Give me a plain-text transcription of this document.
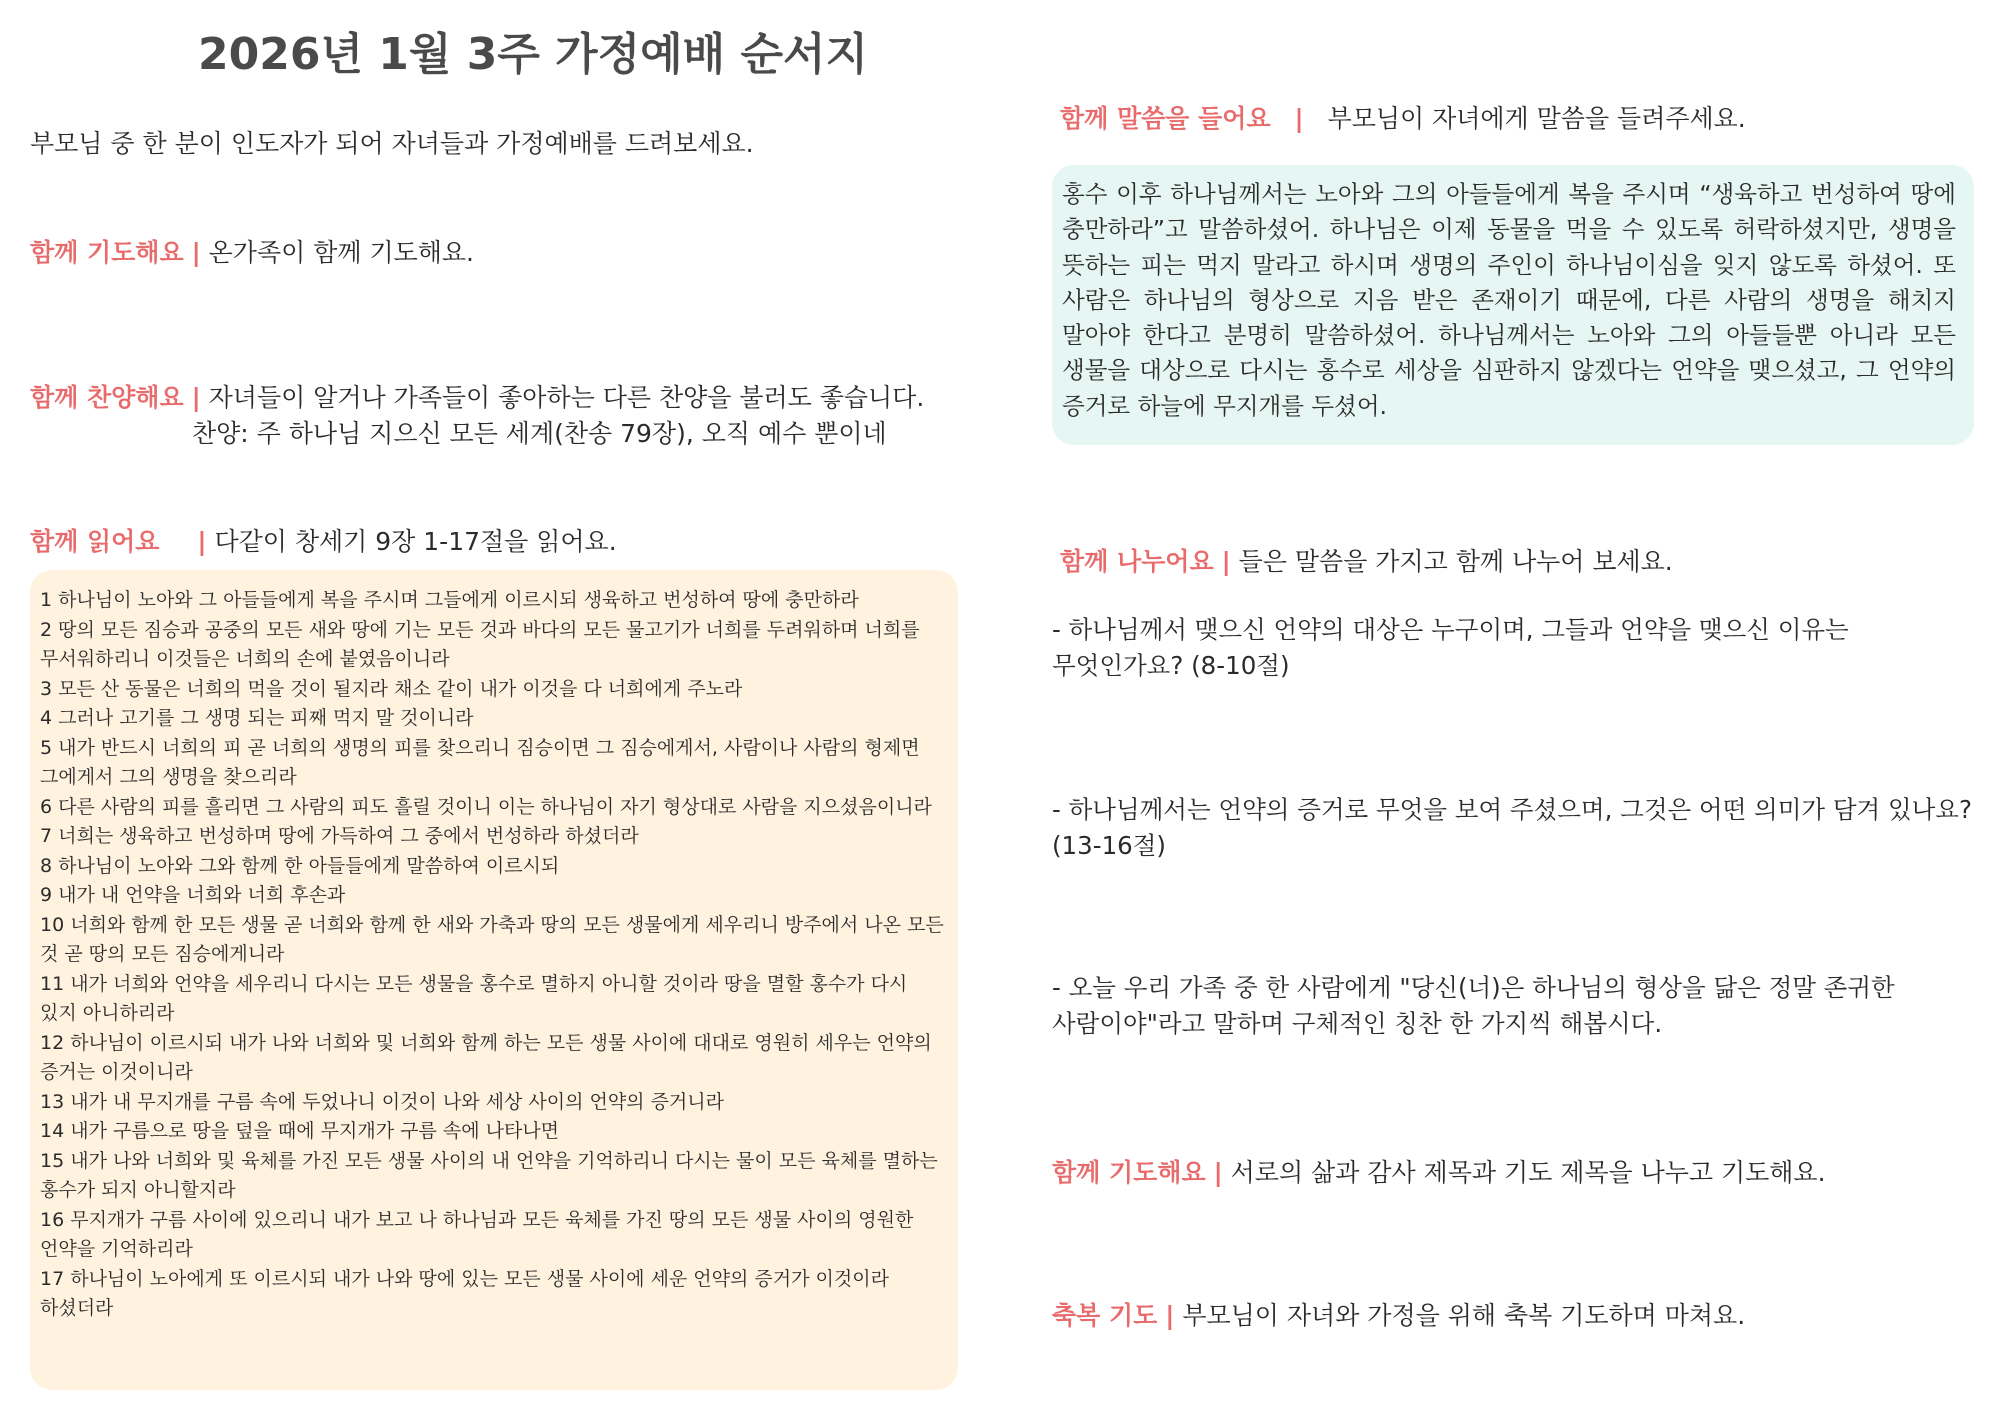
2026년 1월 3주 가정예배 순서지
부모님 중 한 분이 인도자가 되어 자녀들과 가정예배를 드려보세요.
함께 기도해요 | 온가족이 함께 기도해요.
함께 찬양해요 | 자녀들이 알거나 가족들이 좋아하는 다른 찬양을 불러도 좋습니다.
찬양: 주 하나님 지으신 모든 세계(찬송 79장), 오직 예수 뿐이네
함께 읽어요 | 다같이 창세기 9장 1-17절을 읽어요.
1 하나님이 노아와 그 아들들에게 복을 주시며 그들에게 이르시되 생육하고 번성하여 땅에 충만하라
2 땅의 모든 짐승과 공중의 모든 새와 땅에 기는 모든 것과 바다의 모든 물고기가 너희를 두려워하며 너희를 무서워하리니 이것들은 너희의 손에 붙였음이니라
3 모든 산 동물은 너희의 먹을 것이 될지라 채소 같이 내가 이것을 다 너희에게 주노라
4 그러나 고기를 그 생명 되는 피째 먹지 말 것이니라
5 내가 반드시 너희의 피 곧 너희의 생명의 피를 찾으리니 짐승이면 그 짐승에게서, 사람이나 사람의 형제면 그에게서 그의 생명을 찾으리라
6 다른 사람의 피를 흘리면 그 사람의 피도 흘릴 것이니 이는 하나님이 자기 형상대로 사람을 지으셨음이니라
7 너희는 생육하고 번성하며 땅에 가득하여 그 중에서 번성하라 하셨더라
8 하나님이 노아와 그와 함께 한 아들들에게 말씀하여 이르시되
9 내가 내 언약을 너희와 너희 후손과
10 너희와 함께 한 모든 생물 곧 너희와 함께 한 새와 가축과 땅의 모든 생물에게 세우리니 방주에서 나온 모든 것 곧 땅의 모든 짐승에게니라
11 내가 너희와 언약을 세우리니 다시는 모든 생물을 홍수로 멸하지 아니할 것이라 땅을 멸할 홍수가 다시 있지 아니하리라
12 하나님이 이르시되 내가 나와 너희와 및 너희와 함께 하는 모든 생물 사이에 대대로 영원히 세우는 언약의 증거는 이것이니라
13 내가 내 무지개를 구름 속에 두었나니 이것이 나와 세상 사이의 언약의 증거니라
14 내가 구름으로 땅을 덮을 때에 무지개가 구름 속에 나타나면
15 내가 나와 너희와 및 육체를 가진 모든 생물 사이의 내 언약을 기억하리니 다시는 물이 모든 육체를 멸하는 홍수가 되지 아니할지라
16 무지개가 구름 사이에 있으리니 내가 보고 나 하나님과 모든 육체를 가진 땅의 모든 생물 사이의 영원한 언약을 기억하리라
17 하나님이 노아에게 또 이르시되 내가 나와 땅에 있는 모든 생물 사이에 세운 언약의 증거가 이것이라 하셨더라
함께 말씀을 들어요 | 부모님이 자녀에게 말씀을 들려주세요.
홍수 이후 하나님께서는 노아와 그의 아들들에게 복을 주시며 “생육하고 번성하여 땅에 충만하라”고 말씀하셨어. 하나님은 이제 동물을 먹을 수 있도록 허락하셨지만, 생명을 뜻하는 피는 먹지 말라고 하시며 생명의 주인이 하나님이심을 잊지 않도록 하셨어. 또 사람은 하나님의 형상으로 지음 받은 존재이기 때문에, 다른 사람의 생명을 해치지 말아야 한다고 분명히 말씀하셨어. 하나님께서는 노아와 그의 아들들뿐 아니라 모든 생물을 대상으로 다시는 홍수로 세상을 심판하지 않겠다는 언약을 맺으셨고, 그 언약의 증거로 하늘에 무지개를 두셨어.
함께 나누어요 | 들은 말씀을 가지고 함께 나누어 보세요.
- 하나님께서 맺으신 언약의 대상은 누구이며, 그들과 언약을 맺으신 이유는 무엇인가요? (8-10절)
- 하나님께서는 언약의 증거로 무엇을 보여 주셨으며, 그것은 어떤 의미가 담겨 있나요? (13-16절)
- 오늘 우리 가족 중 한 사람에게 "당신(너)은 하나님의 형상을 닮은 정말 존귀한 사람이야"라고 말하며 구체적인 칭찬 한 가지씩 해봅시다.
함께 기도해요 | 서로의 삶과 감사 제목과 기도 제목을 나누고 기도해요.
축복 기도 | 부모님이 자녀와 가정을 위해 축복 기도하며 마쳐요.
